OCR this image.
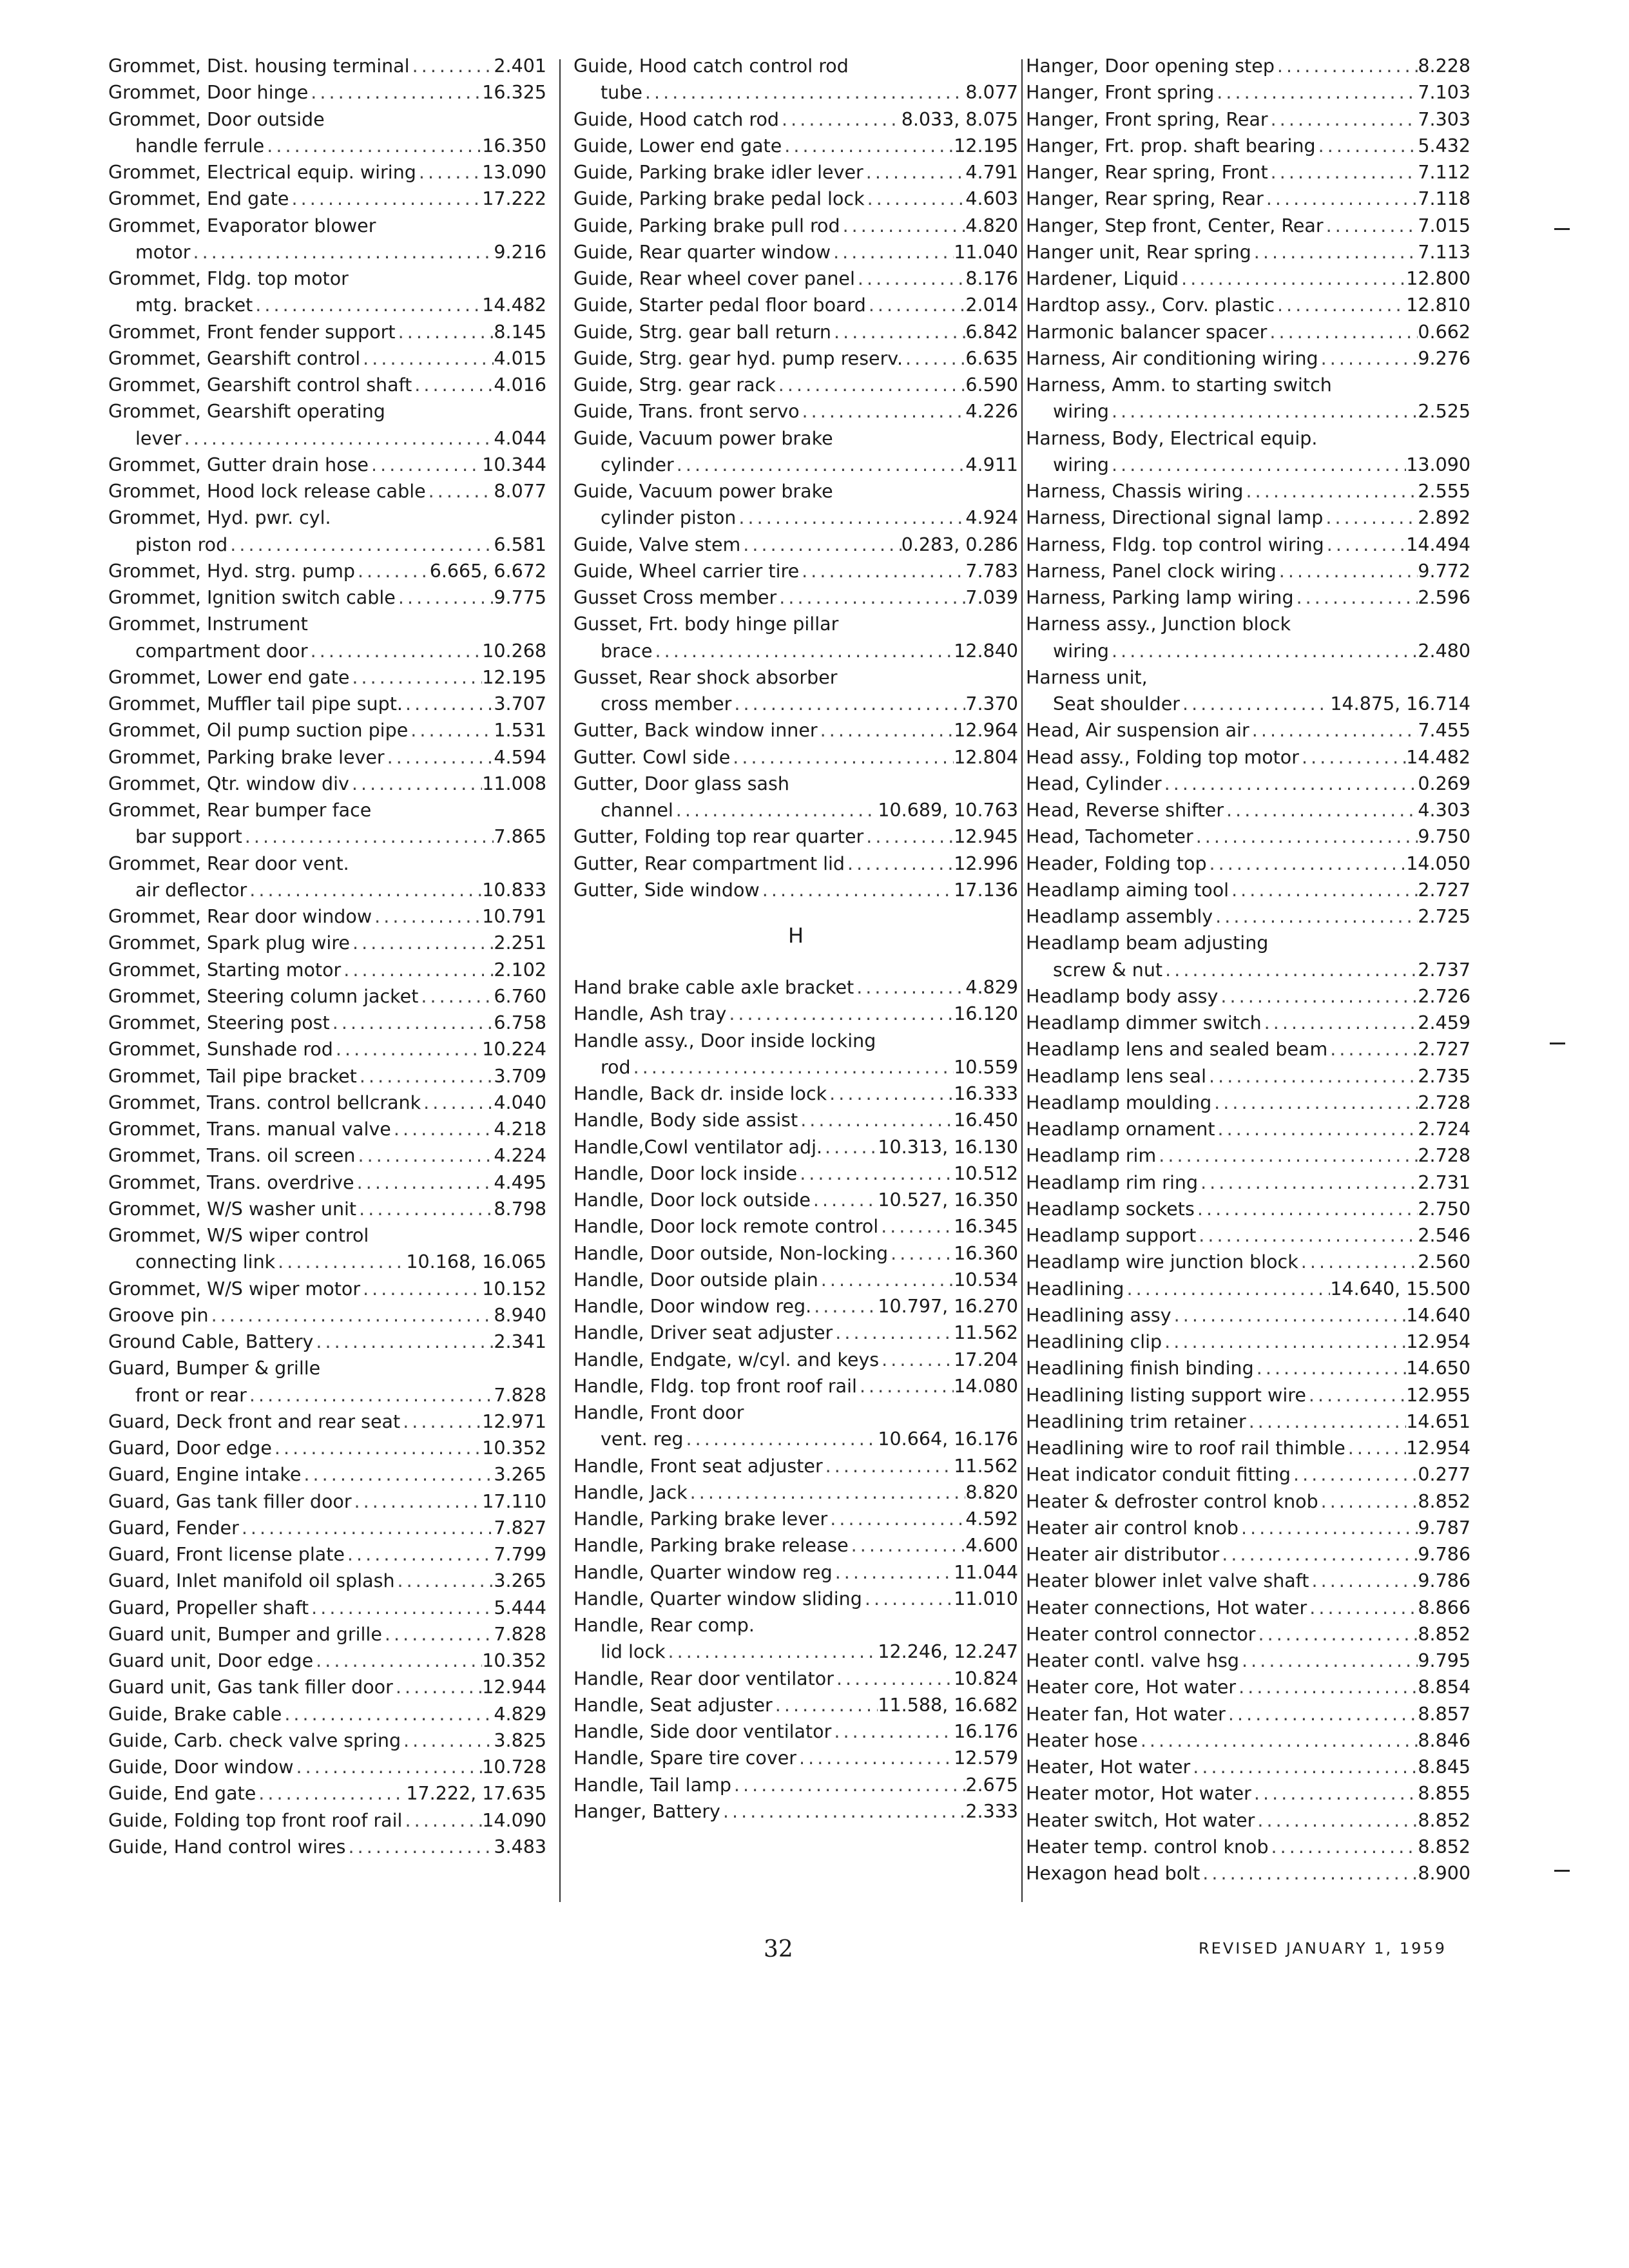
Grommet, Dist. housing terminal . . .	2.401
Grommet, Door hinge . . .	16.325
Grommet, Door outside
handle ferrule . . .	16.350
Grommet, Electrical equip. wiring . . .	13.090
Grommet, End gate . . .	17.222
Grommet, Evaporator blower
motor . . .	9.216
Grommet, Fldg. top motor
mtg. bracket . . .	14.482
Grommet, Front fender support . . .	8.145
Grommet, Gearshift control . . .	4.015
Grommet, Gearshift control shaft . . .	4.016
Grommet, Gearshift operating
lever . . .	4.044
Grommet, Gutter drain hose . . .	10.344
Grommet, Hood lock release cable . . .	8.077
Grommet, Hyd. pwr. cyl.
piston rod . . .	6.581
Grommet, Hyd. strg. pump . . .	6.665, 6.672
Grommet, Ignition switch cable . . .	9.775
Grommet, Instrument
compartment door . . .	10.268
Grommet, Lower end gate . . .	12.195
Grommet, Muffler tail pipe supt. . . .	3.707
Grommet, Oil pump suction pipe . . .	1.531
Grommet, Parking brake lever . . .	4.594
Grommet, Qtr. window div . . .	11.008
Grommet, Rear bumper face
bar support . . .	7.865
Grommet, Rear door vent.
air deflector . . .	10.833
Grommet, Rear door window . . .	10.791
Grommet, Spark plug wire . . .	2.251
Grommet, Starting motor . . .	2.102
Grommet, Steering column jacket . . .	6.760
Grommet, Steering post . . .	6.758
Grommet, Sunshade rod . . .	10.224
Grommet, Tail pipe bracket . . .	3.709
Grommet, Trans. control bellcrank . . .	4.040
Grommet, Trans. manual valve . . .	4.218
Grommet, Trans. oil screen . . .	4.224
Grommet, Trans. overdrive . . .	4.495
Grommet, W/S washer unit . . .	8.798
Grommet, W/S wiper control
connecting link . . .	10.168, 16.065
Grommet, W/S wiper motor . . .	10.152
Groove pin . . .	8.940
Ground Cable, Battery . . .	2.341
Guard, Bumper & grille
front or rear . . .	7.828
Guard, Deck front and rear seat . . .	12.971
Guard, Door edge . . .	10.352
Guard, Engine intake . . .	3.265
Guard, Gas tank filler door . . .	17.110
Guard, Fender . . .	7.827
Guard, Front license plate . . .	7.799
Guard, Inlet manifold oil splash . . .	3.265
Guard, Propeller shaft . . .	5.444
Guard unit, Bumper and grille . . .	7.828
Guard unit, Door edge . . .	10.352
Guard unit, Gas tank filler door . . .	12.944
Guide, Brake cable . . .	4.829
Guide, Carb. check valve spring . . .	3.825
Guide, Door window . . .	10.728
Guide, End gate . . .	17.222, 17.635
Guide, Folding top front roof rail . . .	14.090
Guide, Hand control wires . . .	3.483
Guide, Hood catch control rod
tube . . .	8.077
Guide, Hood catch rod . . .	8.033, 8.075
Guide, Lower end gate . . .	12.195
Guide, Parking brake idler lever . . .	4.791
Guide, Parking brake pedal lock . . .	4.603
Guide, Parking brake pull rod . . .	4.820
Guide, Rear quarter window . . .	11.040
Guide, Rear wheel cover panel . . .	8.176
Guide, Starter pedal floor board . . .	2.014
Guide, Strg. gear ball return . . .	6.842
Guide, Strg. gear hyd. pump reserv. . . .	6.635
Guide, Strg. gear rack . . .	6.590
Guide, Trans. front servo . . .	4.226
Guide, Vacuum power brake
cylinder . . .	4.911
Guide, Vacuum power brake
cylinder piston . . .	4.924
Guide, Valve stem . . .	0.283, 0.286
Guide, Wheel carrier tire . . .	7.783
Gusset Cross member . . .	7.039
Gusset, Frt. body hinge pillar
brace . . .	12.840
Gusset, Rear shock absorber
cross member . . .	7.370
Gutter, Back window inner . . .	12.964
Gutter. Cowl side . . .	12.804
Gutter, Door glass sash
channel . . .	10.689, 10.763
Gutter, Folding top rear quarter . . .	12.945
Gutter, Rear compartment lid . . .	12.996
Gutter, Side window . . .	17.136
H
Hand brake cable axle bracket . . .	4.829
Handle, Ash tray . . .	16.120
Handle assy., Door inside locking
rod . . .	10.559
Handle, Back dr. inside lock . . .	16.333
Handle, Body side assist . . .	16.450
Handle,Cowl ventilator adj. . . .	10.313, 16.130
Handle, Door lock inside . . .	10.512
Handle, Door lock outside . . .	10.527, 16.350
Handle, Door lock remote control . . .	16.345
Handle, Door outside, Non-locking . . .	16.360
Handle, Door outside plain . . .	10.534
Handle, Door window reg. . . .	10.797, 16.270
Handle, Driver seat adjuster . . .	11.562
Handle, Endgate, w/cyl. and keys . . .	17.204
Handle, Fldg. top front roof rail . . .	14.080
Handle, Front door
vent. reg . . .	10.664, 16.176
Handle, Front seat adjuster . . .	11.562
Handle, Jack . . .	8.820
Handle, Parking brake lever . . .	4.592
Handle, Parking brake release . . .	4.600
Handle, Quarter window reg . . .	11.044
Handle, Quarter window sliding . . .	11.010
Handle, Rear comp.
lid lock . . .	12.246, 12.247
Handle, Rear door ventilator . . .	10.824
Handle, Seat adjuster . . .	11.588, 16.682
Handle, Side door ventilator . . .	16.176
Handle, Spare tire cover . . .	12.579
Handle, Tail lamp . . .	2.675
Hanger, Battery . . .	2.333
Hanger, Door opening step . . .	8.228
Hanger, Front spring . . .	7.103
Hanger, Front spring, Rear . . .	7.303
Hanger, Frt. prop. shaft bearing . . .	5.432
Hanger, Rear spring, Front . . .	7.112
Hanger, Rear spring, Rear . . .	7.118
Hanger, Step front, Center, Rear . . .	7.015
Hanger unit, Rear spring . . .	7.113
Hardener, Liquid . . .	12.800
Hardtop assy., Corv. plastic . . .	12.810
Harmonic balancer spacer . . .	0.662
Harness, Air conditioning wiring . . .	9.276
Harness, Amm. to starting switch
wiring . . .	2.525
Harness, Body, Electrical equip.
wiring . . .	13.090
Harness, Chassis wiring . . .	2.555
Harness, Directional signal lamp . . .	2.892
Harness, Fldg. top control wiring . . .	14.494
Harness, Panel clock wiring . . .	9.772
Harness, Parking lamp wiring . . .	2.596
Harness assy., Junction block
wiring . . .	2.480
Harness unit,
Seat shoulder . . .	14.875, 16.714
Head, Air suspension air . . .	7.455
Head assy., Folding top motor . . .	14.482
Head, Cylinder . . .	0.269
Head, Reverse shifter . . .	4.303
Head, Tachometer . . .	9.750
Header, Folding top . . .	14.050
Headlamp aiming tool . . .	2.727
Headlamp assembly . . .	2.725
Headlamp beam adjusting
screw & nut . . .	2.737
Headlamp body assy . . .	2.726
Headlamp dimmer switch . . .	2.459
Headlamp lens and sealed beam . . .	2.727
Headlamp lens seal . . .	2.735
Headlamp moulding . . .	2.728
Headlamp ornament . . .	2.724
Headlamp rim . . .	2.728
Headlamp rim ring . . .	2.731
Headlamp sockets . . .	2.750
Headlamp support . . .	2.546
Headlamp wire junction block . . .	2.560
Headlining . . .	14.640, 15.500
Headlining assy . . .	14.640
Headlining clip . . .	12.954
Headlining finish binding . . .	14.650
Headlining listing support wire . . .	12.955
Headlining trim retainer . . .	14.651
Headlining wire to roof rail thimble . . .	12.954
Heat indicator conduit fitting . . .	0.277
Heater & defroster control knob . . .	8.852
Heater air control knob . . .	9.787
Heater air distributor . . .	9.786
Heater blower inlet valve shaft . . .	9.786
Heater connections, Hot water . . .	8.866
Heater control connector . . .	8.852
Heater contl. valve hsg . . .	9.795
Heater core, Hot water . . .	8.854
Heater fan, Hot water . . .	8.857
Heater hose . . .	8.846
Heater, Hot water . . .	8.845
Heater motor, Hot water . . .	8.855
Heater switch, Hot water . . .	8.852
Heater temp. control knob . . .	8.852
Hexagon head bolt . . .	8.900
32	REVISED JANUARY 1, 1959
